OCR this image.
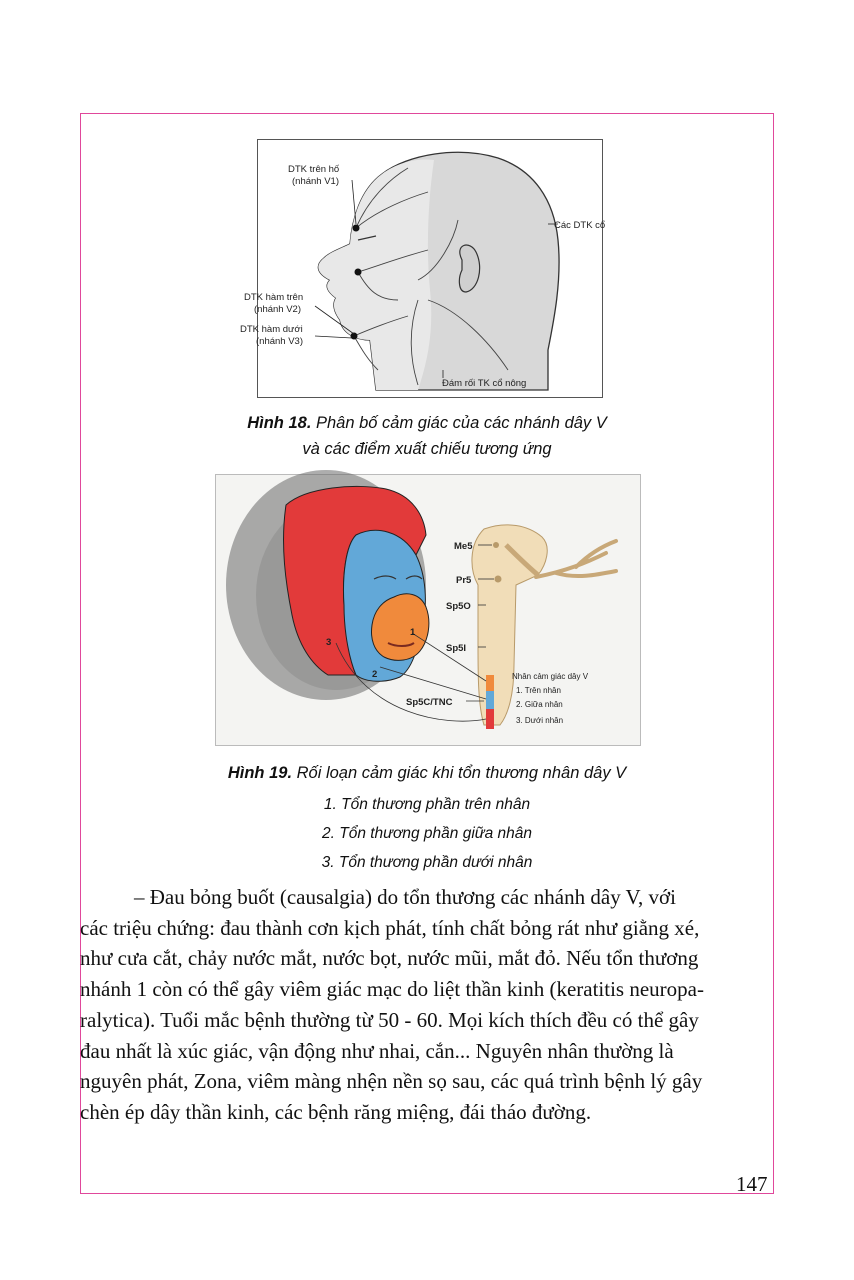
DTK trên hố
(nhánh V1)
Các DTK cổ
DTK hàm trên
(nhánh V2)
DTK hàm dưới
(nhánh V3)
Đám rối TK cổ nông
Hình 18. Phân bố cảm giác của các nhánh dây V
và các điểm xuất chiếu tương ứng
Me5
Pr5
Sp5O
Sp5I
Sp5C/TNC
1
2
3
Nhân cảm giác dây V
1. Trên nhân
2. Giữa nhân
3. Dưới nhân
Hình 19. Rối loạn cảm giác khi tổn thương nhân dây V
1. Tổn thương phần trên nhân
2. Tổn thương phần giữa nhân
3. Tổn thương phần dưới nhân
– Đau bỏng buốt (causalgia) do tổn thương các nhánh dây V, với
các triệu chứng: đau thành cơn kịch phát, tính chất bỏng rát như giằng xé,
như cưa cắt, chảy nước mắt, nước bọt, nước mũi, mắt đỏ. Nếu tổn thương
nhánh 1 còn có thể gây viêm giác mạc do liệt thần kinh (keratitis neuropa-
ralytica). Tuổi mắc bệnh thường từ 50 - 60. Mọi kích thích đều có thể gây
đau nhất là xúc giác, vận động như nhai, cắn... Nguyên nhân thường là
nguyên phát, Zona, viêm màng nhện nền sọ sau, các quá trình bệnh lý gây
chèn ép dây thần kinh, các bệnh răng miệng, đái tháo đường.
147
